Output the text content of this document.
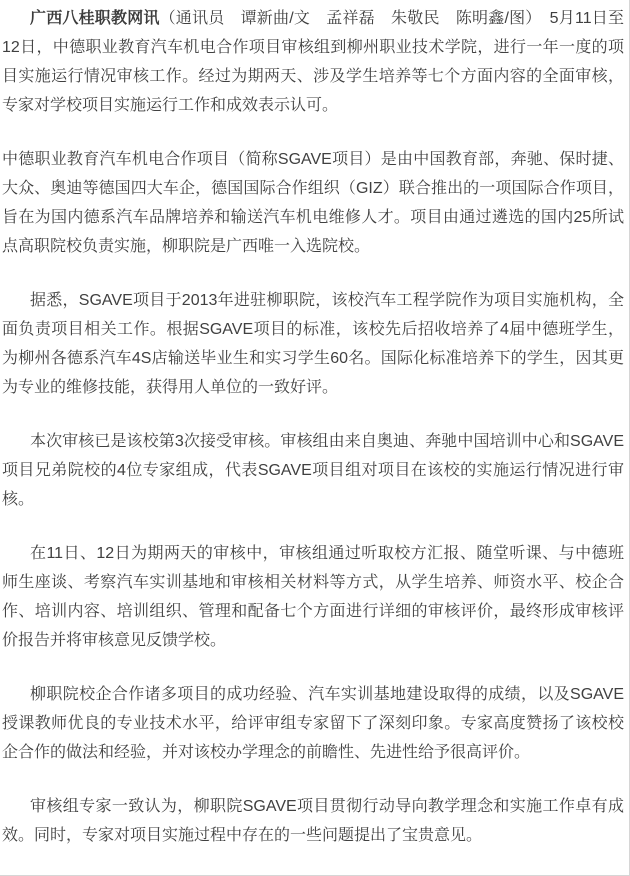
广西八桂职教网讯（通讯员　谭新曲/文　孟祥磊　朱敬民　陈明鑫/图）　5月11日至12日，中德职业教育汽车机电合作项目审核组到柳州职业技术学院，进行一年一度的项目实施运行情况审核工作。经过为期两天、涉及学生培养等七个方面内容的全面审核，专家对学校项目实施运行工作和成效表示认可。

中德职业教育汽车机电合作项目（简称SGAVE项目）是由中国教育部，奔驰、保时捷、大众、奥迪等德国四大车企，德国国际合作组织（GIZ）联合推出的一项国际合作项目，旨在为国内德系汽车品牌培养和输送汽车机电维修人才。项目由通过遴选的国内25所试点高职院校负责实施，柳职院是广西唯一入选院校。

据悉，SGAVE项目于2013年进驻柳职院，该校汽车工程学院作为项目实施机构，全面负责项目相关工作。根据SGAVE项目的标准，该校先后招收培养了4届中德班学生，为柳州各德系汽车4S店输送毕业生和实习学生60名。国际化标准培养下的学生，因其更为专业的维修技能，获得用人单位的一致好评。

本次审核已是该校第3次接受审核。审核组由来自奥迪、奔驰中国培训中心和SGAVE项目兄弟院校的4位专家组成，代表SGAVE项目组对项目在该校的实施运行情况进行审核。

在11日、12日为期两天的审核中，审核组通过听取校方汇报、随堂听课、与中德班师生座谈、考察汽车实训基地和审核相关材料等方式，从学生培养、师资水平、校企合作、培训内容、培训组织、管理和配备七个方面进行详细的审核评价，最终形成审核评价报告并将审核意见反馈学校。

柳职院校企合作诸多项目的成功经验、汽车实训基地建设取得的成绩，以及SGAVE授课教师优良的专业技术水平，给评审组专家留下了深刻印象。专家高度赞扬了该校校企合作的做法和经验，并对该校办学理念的前瞻性、先进性给予很高评价。

审核组专家一致认为，柳职院SGAVE项目贯彻行动导向教学理念和实施工作卓有成效。同时，专家对项目实施过程中存在的一些问题提出了宝贵意见。
